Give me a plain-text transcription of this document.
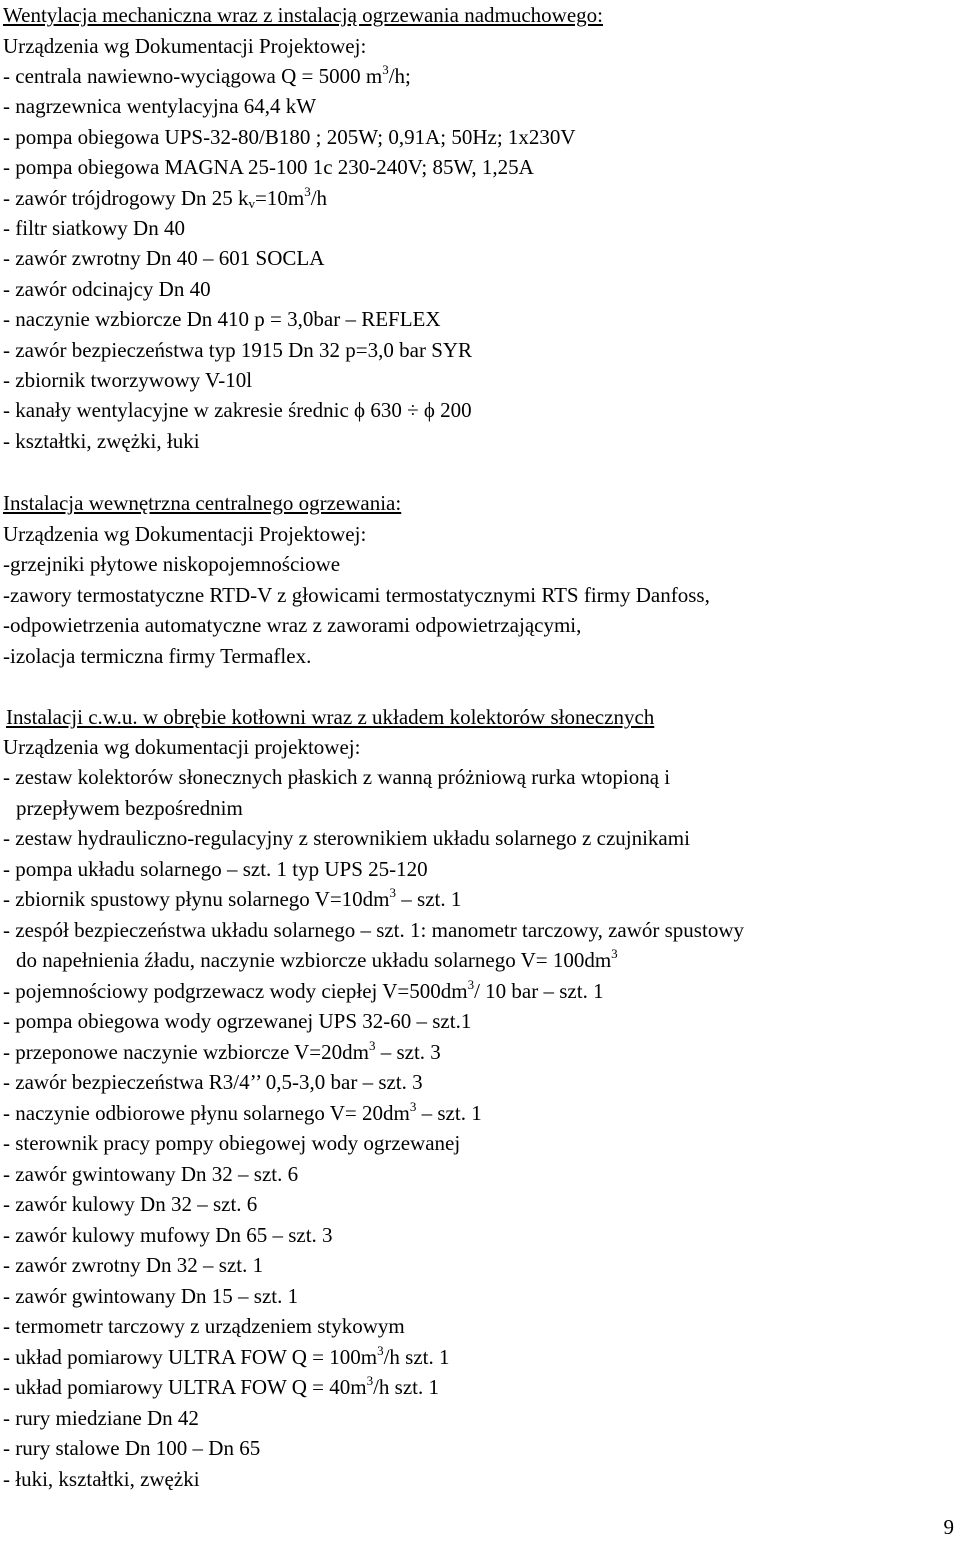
Wentylacja mechaniczna wraz z instalacją ogrzewania nadmuchowego:
Urządzenia wg Dokumentacji Projektowej:
- centrala nawiewno-wyciągowa Q = 5000 $m^3/h$;
- nagrzewnica wentylacyjna 64,4 kW
- pompa obiegowa UPS-32-80/B180 ; 205W; 0,91A; 50Hz; 1x230V
- pompa obiegowa MAGNA 25-100 1c 230-240V; 85W, 1,25A
- zawór trójdrogowy Dn 25 $k_v=10m^3/h$
- filtr siatkowy Dn 40
- zawór zwrotny Dn 40 – 601 SOCLA
- zawór odcinajcy Dn 40
- naczynie wzbiorcze Dn 410 p = 3,0bar – REFLEX
- zawór bezpieczeństwa typ 1915 Dn 32 p=3,0 bar SYR
- zbiornik tworzywowy V-10l
- kanały wentylacyjne w zakresie średnic ϕ 630 ÷ ϕ 200
- kształtki, zwężki, łuki
Instalacja wewnętrzna centralnego ogrzewania:
Urządzenia wg Dokumentacji Projektowej:
-grzejniki płytowe niskopojemnościowe
-zawory termostatyczne RTD-V z głowicami termostatycznymi RTS firmy Danfoss,
-odpowietrzenia automatyczne wraz z zaworami odpowietrzającymi,
-izolacja termiczna firmy Termaflex.
Instalacji c.w.u. w obrębie kotłowni wraz z układem kolektorów słonecznych
Urządzenia wg dokumentacji projektowej:
- zestaw kolektorów słonecznych płaskich z wanną próżniową rurka wtopioną i
przepływem bezpośrednim
- zestaw hydrauliczno-regulacyjny z sterownikiem układu solarnego z czujnikami
- pompa układu solarnego – szt. 1 typ UPS 25-120
- zbiornik spustowy płynu solarnego $V=10dm^3$ – szt. 1
- zespół bezpieczeństwa układu solarnego – szt. 1: manometr tarczowy, zawór spustowy
do napełnienia źładu, naczynie wzbiorcze układu solarnego $V= 100dm^3$
- pojemnościowy podgrzewacz wody ciepłej $V=500dm^3/$ 10 bar – szt. 1
- pompa obiegowa wody ogrzewanej UPS 32-60 – szt.1
- przeponowe naczynie wzbiorcze $V=20dm^3$ – szt. 3
- zawór bezpieczeństwa R3/4’’ 0,5-3,0 bar – szt. 3
- naczynie odbiorowe płynu solarnego $V= 20dm^3$ – szt. 1
- sterownik pracy pompy obiegowej wody ogrzewanej
- zawór gwintowany Dn 32 – szt. 6
- zawór kulowy Dn 32 – szt. 6
- zawór kulowy mufowy Dn 65 – szt. 3
- zawór zwrotny Dn 32 – szt. 1
- zawór gwintowany Dn 15 – szt. 1
- termometr tarczowy z urządzeniem stykowym
- układ pomiarowy ULTRA FOW $Q = 100m^3/h$ szt. 1
- układ pomiarowy ULTRA FOW $Q = 40m^3/h$ szt. 1
- rury miedziane Dn 42
- rury stalowe Dn 100 – Dn 65
- łuki, kształtki, zwężki
9
